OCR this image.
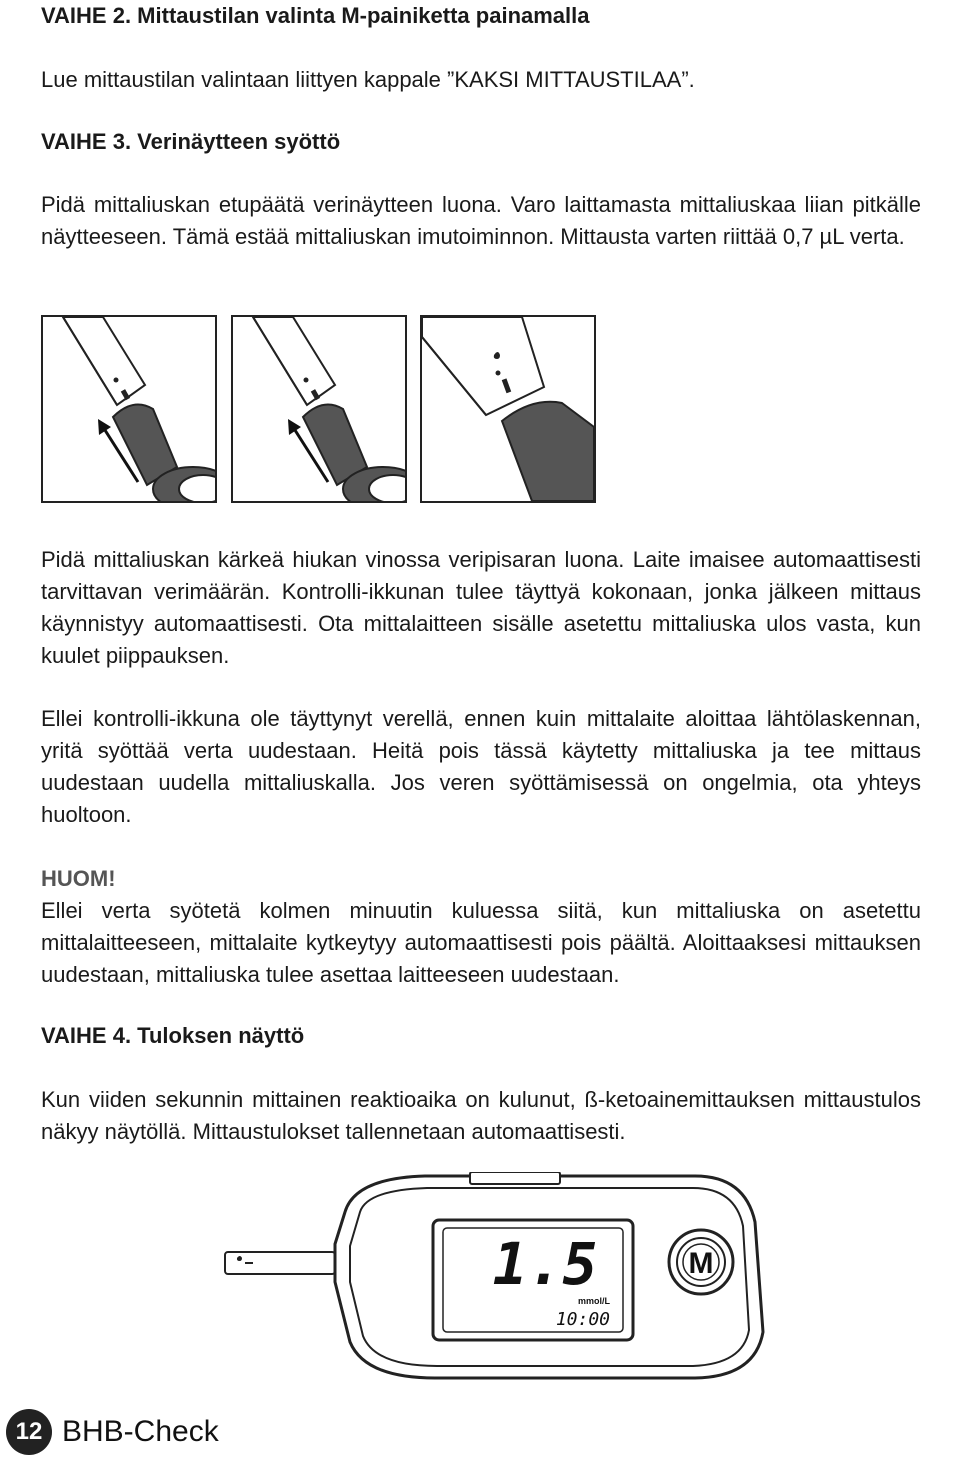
VAIHE 2. Mittaustilan valinta M-painiketta painamalla

Lue mittaustilan valintaan liittyen kappale ”KAKSI MITTAUSTILAA”.

VAIHE 3. Verinäytteen syöttö

Pidä mittaliuskan etupäätä verinäytteen luona. Varo laittamasta mittaliuskaa liian pitkälle näytteeseen. Tämä estää mittaliuskan imutoiminnon. Mittausta varten riittää 0,7 µL verta.

Pidä mittaliuskan kärkeä hiukan vinossa veripisaran luona. Laite imaisee automaattisesti tarvittavan verimäärän. Kontrolli-ikkunan tulee täyttyä kokonaan, jonka jälkeen mittaus käynnistyy automaattisesti. Ota mittalaitteen sisälle asetettu mittaliuska ulos vasta, kun kuulet piippauksen.

Ellei kontrolli-ikkuna ole täyttynyt verellä, ennen kuin mittalaite aloittaa lähtölaskennan, yritä syöttää verta uudestaan. Heitä pois tässä käytetty mittaliuska ja tee mittaus uudestaan uudella mittaliuskalla. Jos veren syöttämisessä on ongelmia, ota yhteys huoltoon.

HUOM!

Ellei verta syötetä kolmen minuutin kuluessa siitä, kun mittaliuska on asetettu mittalaitteeseen, mittalaite kytkeytyy automaattisesti pois päältä. Aloittaaksesi mittauksen uudestaan, mittaliuska tulee asettaa laitteeseen uudestaan.

VAIHE 4. Tuloksen näyttö

Kun viiden sekunnin mittainen reaktioaika on kulunut, ß-ketoainemittauksen mittaustulos näkyy näytöllä. Mittaustulokset tallennetaan automaattisesti.

1.5
mmol/L
10:00
M
12 BHB-Check
